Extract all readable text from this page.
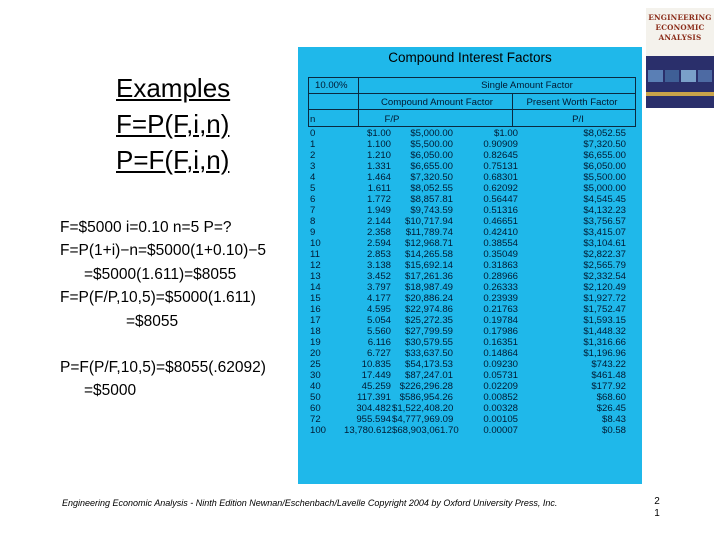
Examples
F=P(F,i,n)
P=F(F,i,n)
F=$5000 i=0.10 n=5 P=?
F=P(1+i)−n=$5000(1+0.10)−5
=$5000(1.611)=$8055
F=P(F/P,10,5)=$5000(1.611)
=$8055
P=F(P/F,10,5)=$8055(.62092)
=$5000
ENGINEERING
ECONOMIC
ANALYSIS
Compound Interest Factors
10.00%	Single Amount Factor
Compound Amount Factor	Present Worth Factor
n	F/P	P/I
0	$1.00	$5,000.00	$1.00	$8,052.55
1	1.100	$5,500.00	0.90909	$7,320.50
2	1.210	$6,050.00	0.82645	$6,655.00
3	1.331	$6,655.00	0.75131	$6,050.00
4	1.464	$7,320.50	0.68301	$5,500.00
5	1.611	$8,052.55	0.62092	$5,000.00
6	1.772	$8,857.81	0.56447	$4,545.45
7	1.949	$9,743.59	0.51316	$4,132.23
8	2.144	$10,717.94	0.46651	$3,756.57
9	2.358	$11,789.74	0.42410	$3,415.07
10	2.594	$12,968.71	0.38554	$3,104.61
11	2.853	$14,265.58	0.35049	$2,822.37
12	3.138	$15,692.14	0.31863	$2,565.79
13	3.452	$17,261.36	0.28966	$2,332.54
14	3.797	$18,987.49	0.26333	$2,120.49
15	4.177	$20,886.24	0.23939	$1,927.72
16	4.595	$22,974.86	0.21763	$1,752.47
17	5.054	$25,272.35	0.19784	$1,593.15
18	5.560	$27,799.59	0.17986	$1,448.32
19	6.116	$30,579.55	0.16351	$1,316.66
20	6.727	$33,637.50	0.14864	$1,196.96
25	10.835	$54,173.53	0.09230	$743.22
30	17.449	$87,247.01	0.05731	$461.48
40	45.259 $226,296.28	0.02209	$177.92
50	117.391 $586,954.26	0.00852	$68.60
60	304.482 $1,522,408.20	0.00328	$26.45
72	955.594 $4,777,969.09	0.00105	$8.43
100	13,780.612 $68,903,061.70	0.00007	$0.58
Engineering Economic Analysis - Ninth Edition Newnan/Eschenbach/Lavelle Copyright 2004 by Oxford University Press, Inc.	2
1
